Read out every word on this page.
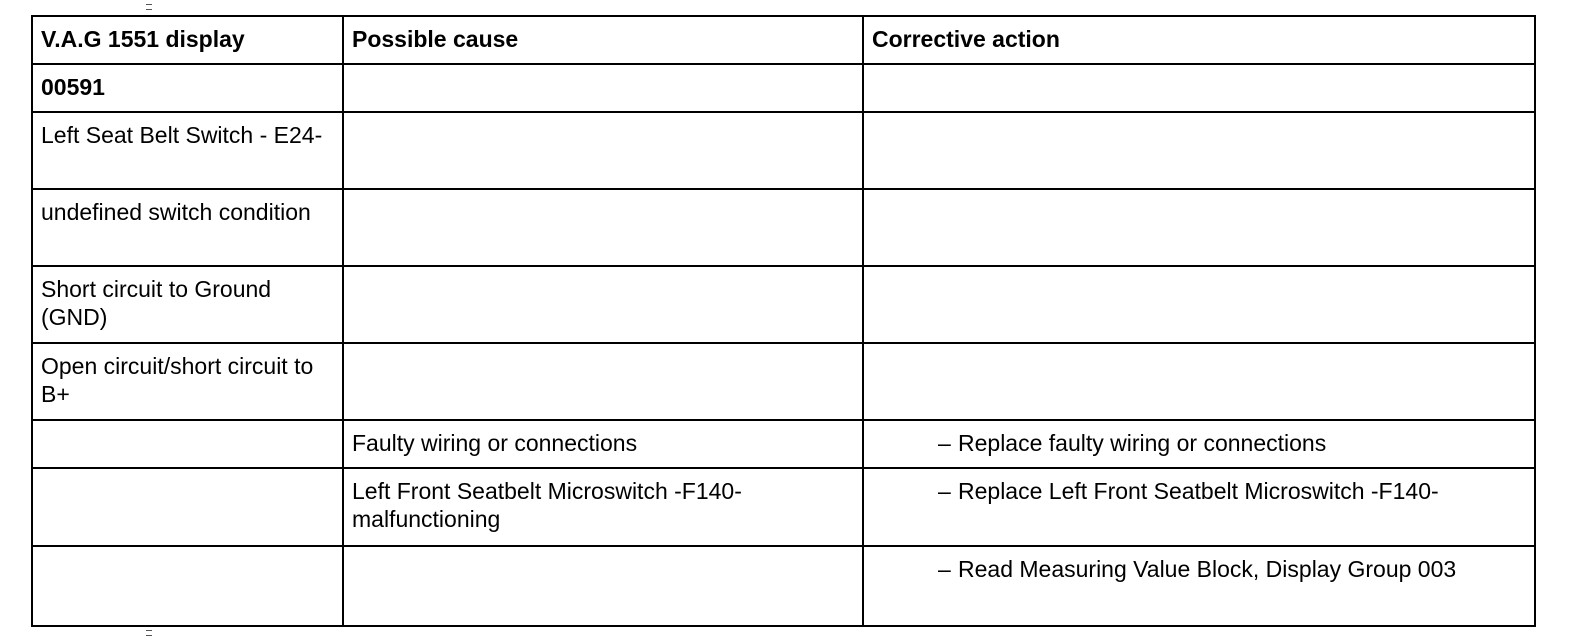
V.A.G 1551 display	Possible cause	Corrective action
00591		
Left Seat Belt Switch - E24-		
undefined switch condition		
Short circuit to Ground (GND)		
Open circuit/short circuit to B+		
	Faulty wiring or connections	– Replace faulty wiring or connections

	Left Front Seatbelt Microswitch -F140- malfunctioning	– Replace Left Front Seatbelt Microswitch -F140-

		– Read Measuring Value Block, Display Group 003
